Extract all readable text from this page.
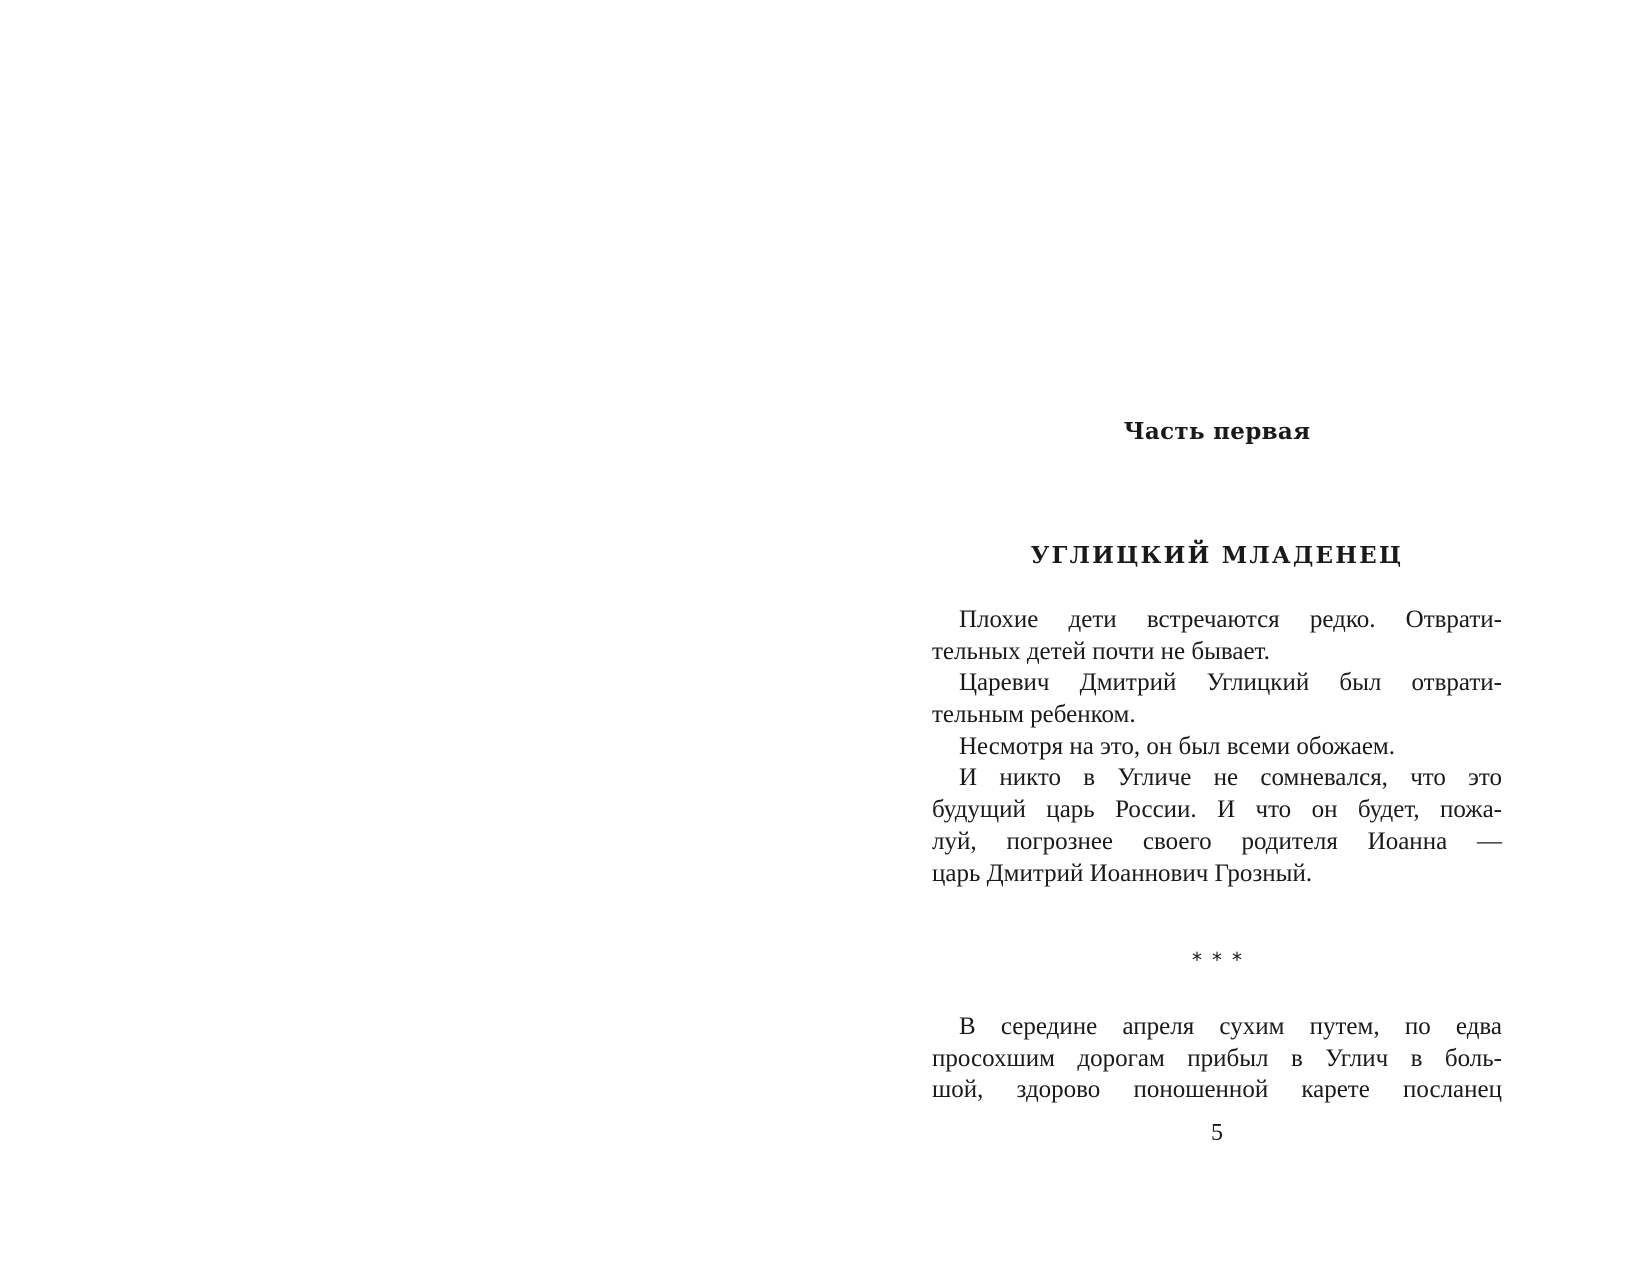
Часть первая
УГЛИЦКИЙ МЛАДЕНЕЦ
Плохие дети встречаются редко. Отврати-
тельных детей почти не бывает.
Царевич Дмитрий Углицкий был отврати-
тельным ребенком.
Несмотря на это, он был всеми обожаем.
И никто в Угличе не сомневался, что это
будущий царь России. И что он будет, пожа-
луй, погрознее своего родителя Иоанна —
царь Дмитрий Иоаннович Грозный.
***
В середине апреля сухим путем, по едва
просохшим дорогам прибыл в Углич в боль-
шой, здорово поношенной карете посланец
5
